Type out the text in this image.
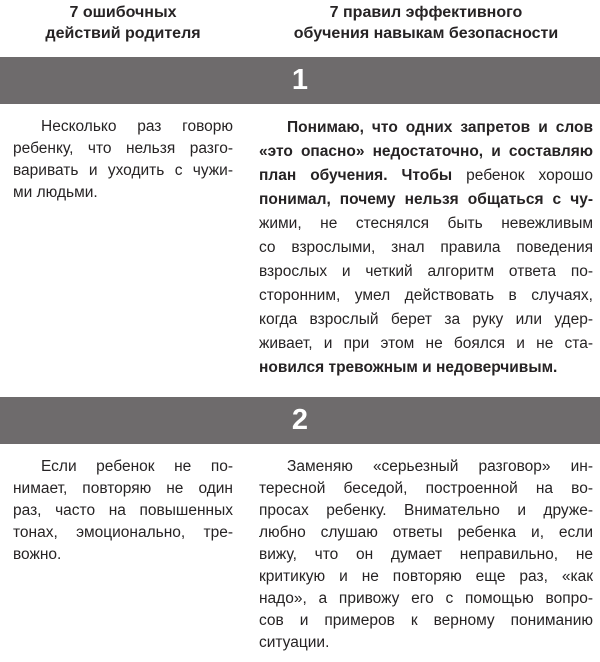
7 ошибочных
действий родителя
7 правил эффективного
обучения навыкам безопасности
1
Несколько раз говорю
ребенку, что нельзя разго-
варивать и уходить с чужи-
ми людьми.
Понимаю, что одних запретов и слов
«это опасно» недостаточно, и составляю
план обучения. Чтобы ребенок хорошо
понимал, почему нельзя общаться с чу-
жими, не стеснялся быть невежливым
со взрослыми, знал правила поведения
взрослых и четкий алгоритм ответа по-
сторонним, умел действовать в случаях,
когда взрослый берет за руку или удер-
живает, и при этом не боялся и не ста-
новился тревожным и недоверчивым.
2
Если ребенок не по-
нимает, повторяю не один
раз, часто на повышенных
тонах, эмоционально, тре-
вожно.
Заменяю «серьезный разговор» ин-
тересной беседой, построенной на во-
просах ребенку. Внимательно и друже-
любно слушаю ответы ребенка и, если
вижу, что он думает неправильно, не
критикую и не повторяю еще раз, «как
надо», а привожу его с помощью вопро-
сов и примеров к верному пониманию
ситуации.
